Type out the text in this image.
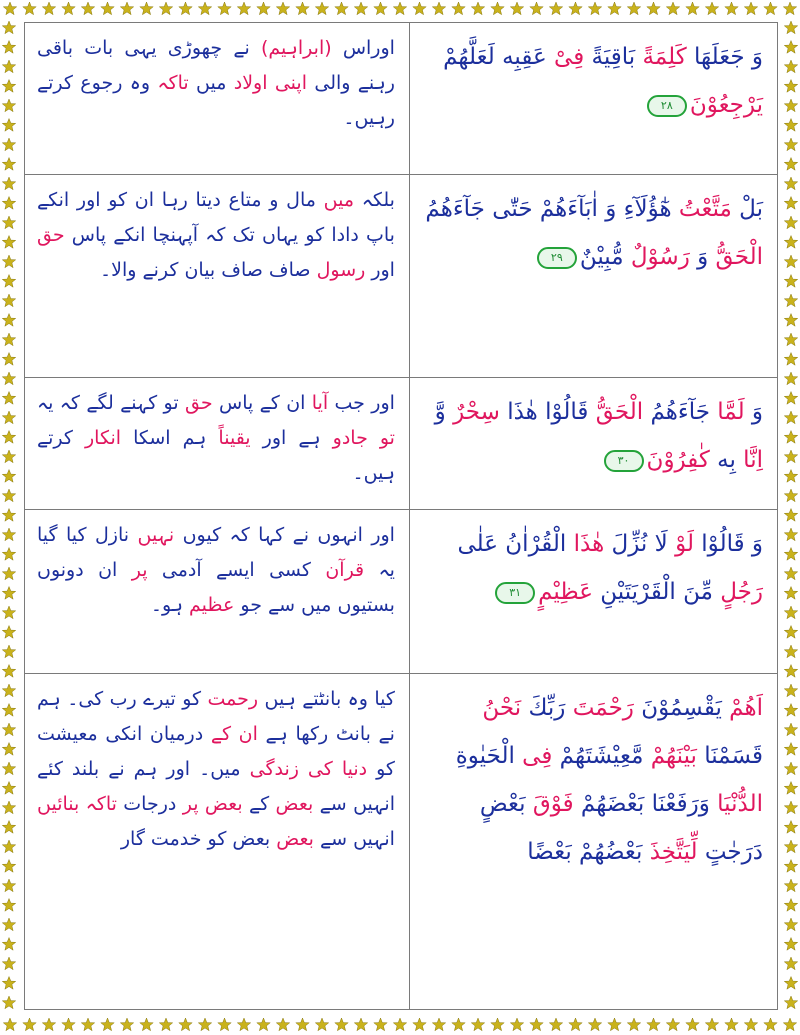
اوراس (ابراہیم) نے چھوڑی یہی بات باقی رہنے والی اپنی اولاد میں تاکہ وہ رجوع کرتے رہیں۔
وَ جَعَلَهَا كَلِمَةً بَاقِيَةً فِىْ عَقِبِه لَعَلَّهُمْ يَرْجِعُوْنَ٢٨
بلکہ میں مال و متاع دیتا رہا ان کو اور انکے باپ دادا کو یہاں تک کہ آپہنچا انکے پاس حق اور رسول صاف صاف بیان کرنے والا۔
بَلْ مَتَّعْتُ هٰٓؤُلَآءِ وَ اٰبَآءَهُمْ حَتّٰى جَآءَهُمُ الْحَقُّ وَ رَسُوْلٌ مُّبِيْنٌ٢٩
اور جب آیا ان کے پاس حق تو کہنے لگے کہ یہ تو جادو ہے اور یقیناً ہم اسکا انکار کرتے ہیں۔
وَ لَمَّا جَآءَهُمُ الْحَقُّ قَالُوْا هٰذَا سِحْرٌ وَّ اِنَّا بِه كٰفِرُوْنَ٣٠
اور انہوں نے کہا کہ کیوں نہیں نازل کیا گیا یہ قرآن کسی ایسے آدمی پر ان دونوں بستیوں میں سے جو عظیم ہو۔
وَ قَالُوْا لَوْ لَا نُزِّلَ هٰذَا الْقُرْاٰنُ عَلٰى رَجُلٍ مِّنَ الْقَرْيَتَيْنِ عَظِيْمٍ٣١
کیا وہ بانٹتے ہیں رحمت کو تیرے رب کی۔ ہم نے بانٹ رکھا ہے ان کے درمیان انکی معیشت کو دنیا کی زندگی میں۔ اور ہم نے بلند کئے انہیں سے بعض کے بعض پر درجات تاکہ بنائیں انہیں سے بعض بعض کو خدمت گار
اَهُمْ يَقْسِمُوْنَ رَحْمَتَ رَبِّكَ نَحْنُ قَسَمْنَا بَيْنَهُمْ مَّعِيْشَتَهُمْ فِى الْحَيٰوةِ الدُّنْيَا وَرَفَعْنَا بَعْضَهُمْ فَوْقَ بَعْضٍ دَرَجٰتٍ لِّيَتَّخِذَ بَعْضُهُمْ بَعْضًا
